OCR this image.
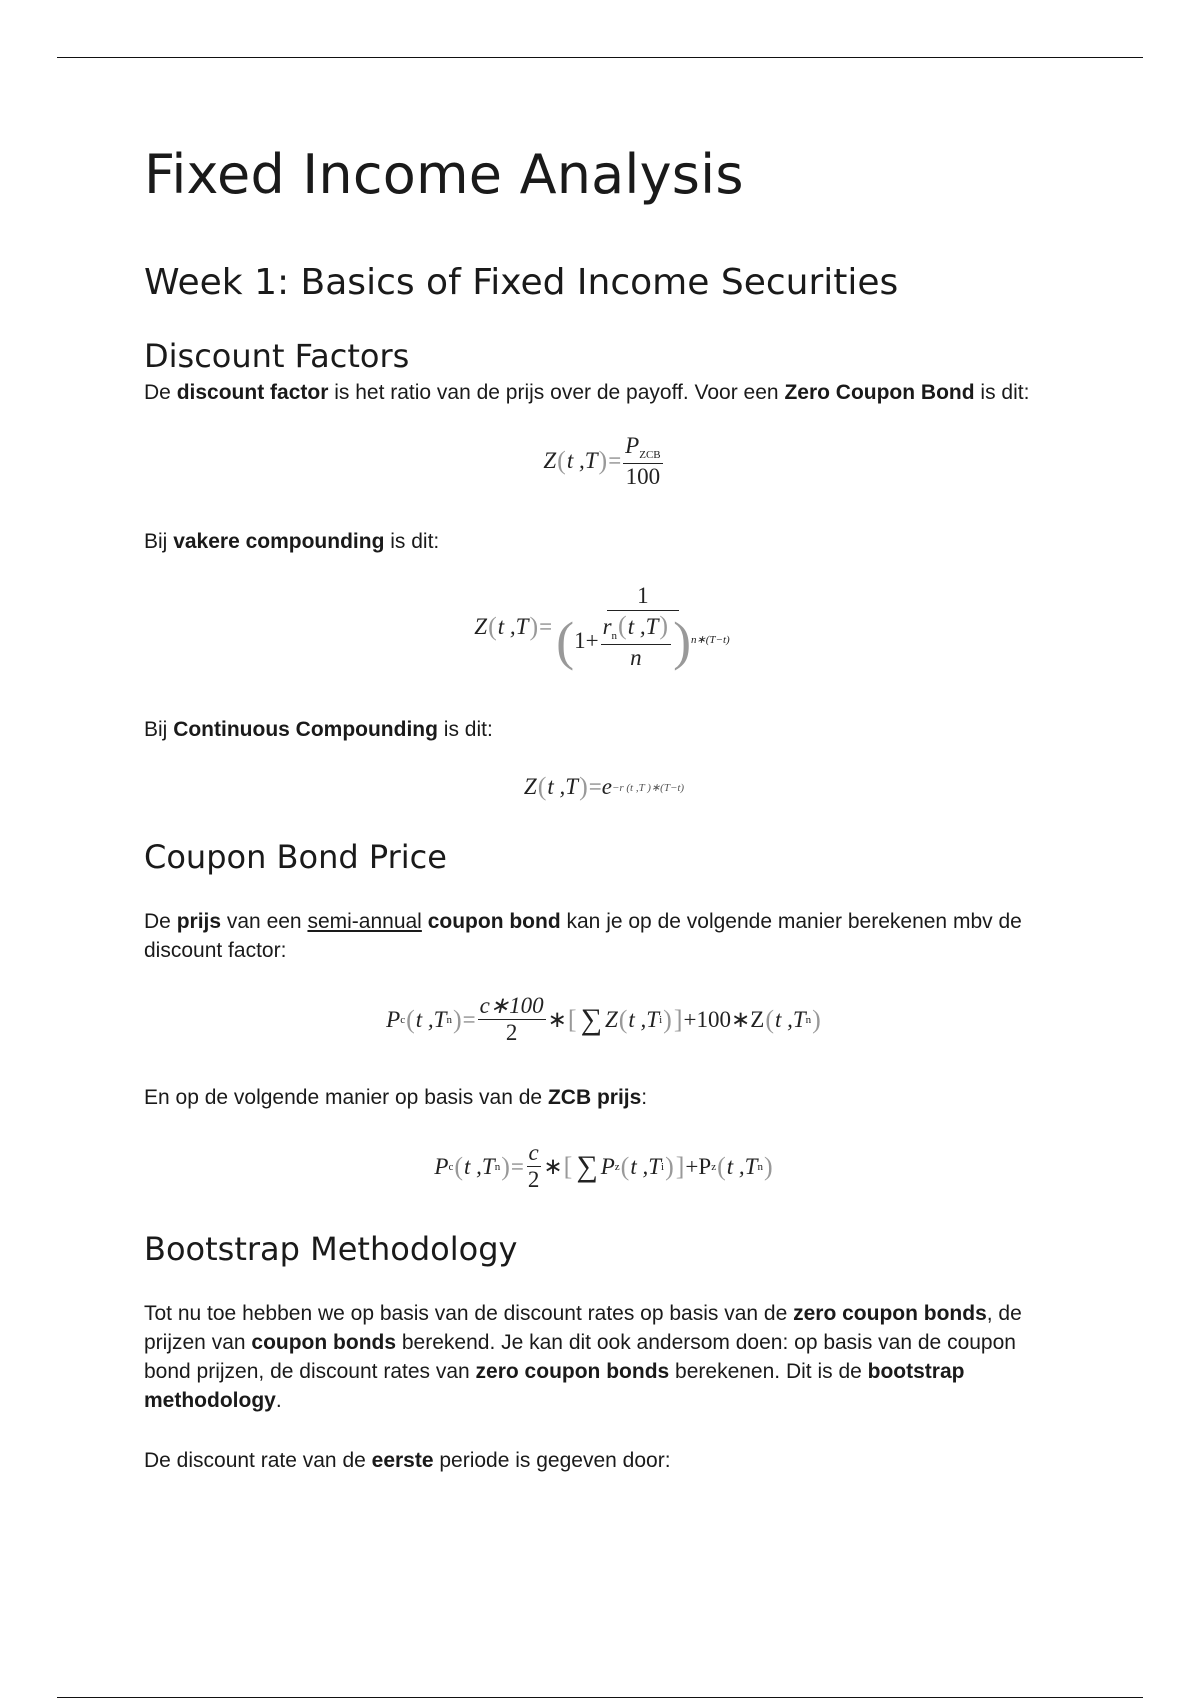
Fixed Income Analysis
Week 1: Basics of Fixed Income Securities
Discount Factors

De discount factor is het ratio van de prijs over de payoff. Voor een Zero Coupon Bond is dit:

Z ( t ,T ) = $\frac{P_{ZCB}}{100}$

Bij vakere compounding is dit:

Z ( t ,T ) = $\frac{1}{( 1+ \frac{r_n(t ,T)}{n} ) n∗(T-t)}$

Bij Continuous Compounding is dit:

Z ( t ,T ) = e −r (t ,T )∗(T−t)
Coupon Bond Price

De prijs van een semi-annual coupon bond kan je op de volgende manier berekenen mbv de discount factor:

P c ( t ,T n ) = $\frac{c∗100}{2}$ ∗ [ ∑ Z ( t ,T i ) ] +100∗Z ( t ,T n )

En op de volgende manier op basis van de ZCB prijs:

P c ( t ,T n ) = $\frac{c}{2}$ ∗ [ ∑ P z ( t ,T i ) ] +P z ( t ,T n )
Bootstrap Methodology

Tot nu toe hebben we op basis van de discount rates op basis van de zero coupon bonds, de prijzen van coupon bonds berekend. Je kan dit ook andersom doen: op basis van de coupon bond prijzen, de discount rates van zero coupon bonds berekenen. Dit is de bootstrap methodology.

De discount rate van de eerste periode is gegeven door:
